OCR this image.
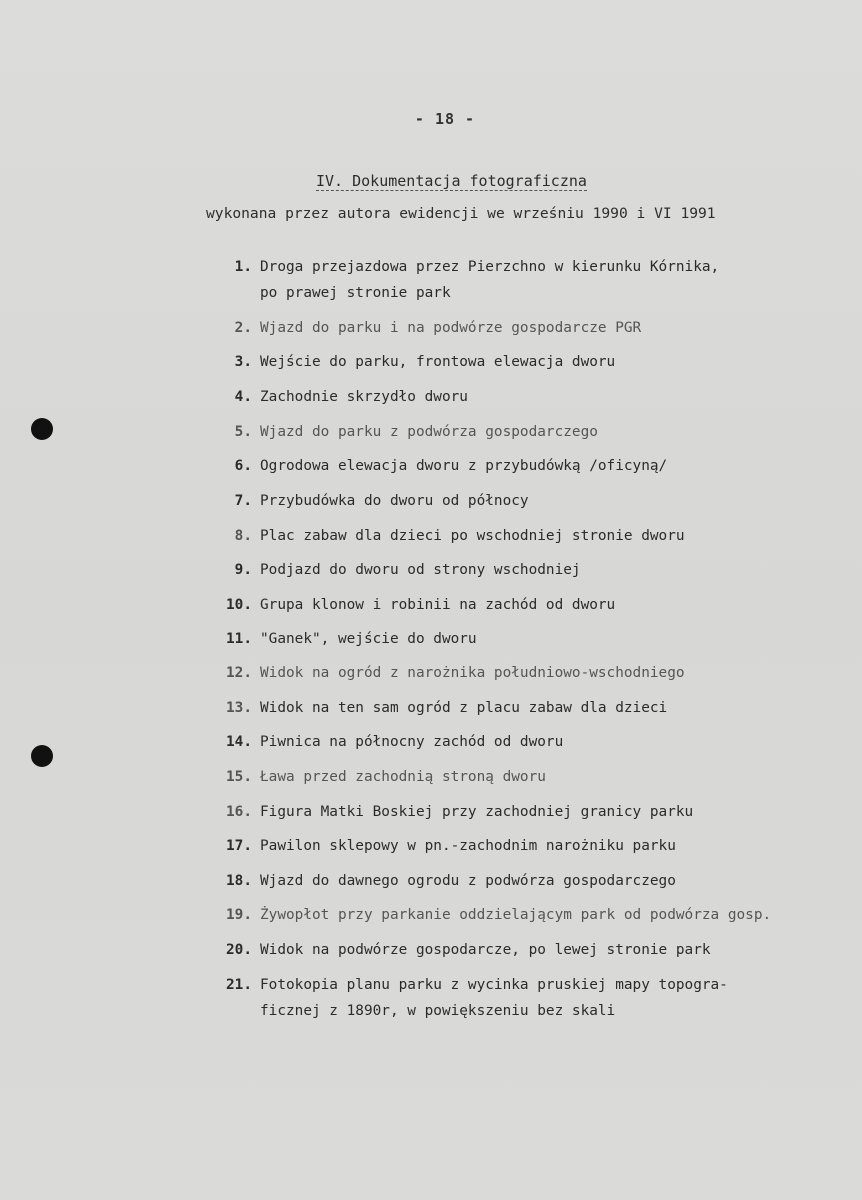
- 18 -
IV. Dokumentacja fotograficzna
wykonana przez autora ewidencji we wrześniu 1990 i VI 1991
1. Droga przejazdowa przez Pierzchno w kierunku Kórnika,
po prawej stronie park
2. Wjazd do parku i na podwórze gospodarcze PGR
3. Wejście do parku, frontowa elewacja dworu
4. Zachodnie skrzydło dworu
5. Wjazd do parku z podwórza gospodarczego
6. Ogrodowa elewacja dworu z przybudówką /oficyną/
7. Przybudówka do dworu od północy
8. Plac zabaw dla dzieci po wschodniej stronie dworu
9. Podjazd do dworu od strony wschodniej
10. Grupa klonow i robinii na zachód od dworu
11. "Ganek", wejście do dworu
12. Widok na ogród z narożnika południowo-wschodniego
13. Widok na ten sam ogród z placu zabaw dla dzieci
14. Piwnica na północny zachód od dworu
15. Ława przed zachodnią stroną dworu
16. Figura Matki Boskiej przy zachodniej granicy parku
17. Pawilon sklepowy w pn.-zachodnim narożniku parku
18. Wjazd do dawnego ogrodu z podwórza gospodarczego
19. Żywopłot przy parkanie oddzielającym park od podwórza gosp.
20. Widok na podwórze gospodarcze, po lewej stronie park
21. Fotokopia planu parku z wycinka pruskiej mapy topogra-
ficznej z 1890r, w powiększeniu bez skali
